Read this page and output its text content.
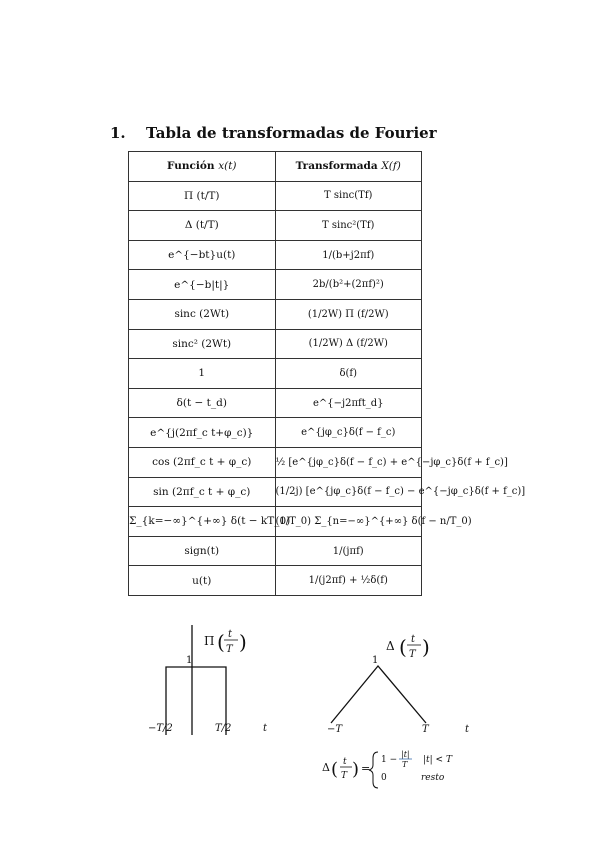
1. Tabla de transformadas de Fourier
Función x(t)	Transformada X(f)
Π (t/T)	T sinc(Tf)
Δ (t/T)	T sinc²(Tf)
e^{−bt}u(t)	1/(b+j2πf)
e^{−b|t|}	2b/(b²+(2πf)²)
sinc (2Wt)	(1/2W) Π (f/2W)
sinc² (2Wt)	(1/2W) Δ (f/2W)
1	δ(f)
δ(t − t_d)	e^{−j2πft_d}
e^{j(2πf_c t+φ_c)}	e^{jφ_c}δ(f − f_c)
cos (2πf_c t + φ_c)	½ [e^{jφ_c}δ(f − f_c) + e^{−jφ_c}δ(f + f_c)]
sin (2πf_c t + φ_c)	(1/2j) [e^{jφ_c}δ(f − f_c) − e^{−jφ_c}δ(f + f_c)]
Σ_{k=−∞}^{+∞} δ(t − kT_0)	(1/T_0) Σ_{n=−∞}^{+∞} δ(f − n/T_0)
sign(t)	1/(jπf)
u(t)	1/(j2πf) + ½δ(f)
Π ( t
T )
1
−T/2	T/2	t
Δ ( t
T )
1
−T	T	t
Δ ( t
T ) =
1 −
|t|
T |t| < T
0	resto
